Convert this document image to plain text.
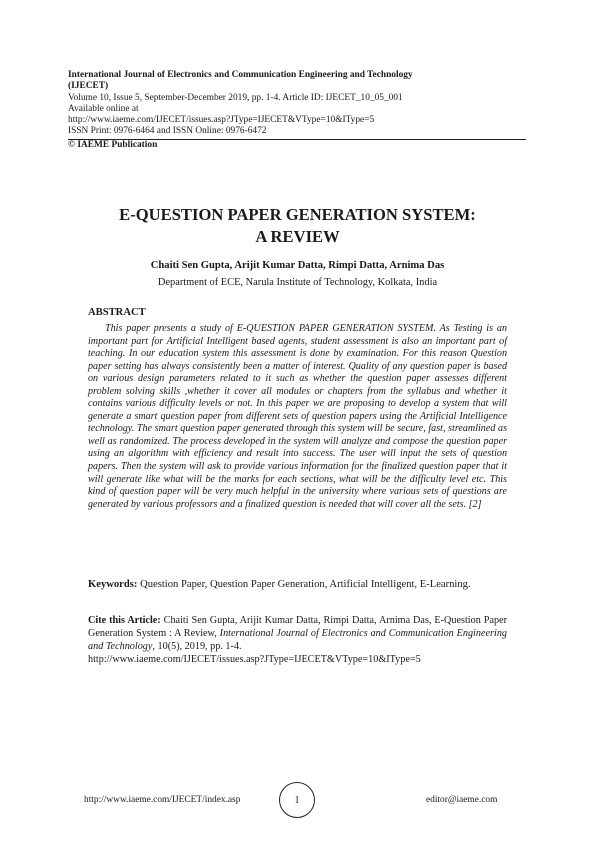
International Journal of Electronics and Communication Engineering and Technology
(IJECET)
Volume 10, Issue 5, September-December 2019, pp. 1-4. Article ID: IJECET_10_05_001
Available online at
http://www.iaeme.com/IJECET/issues.asp?JType=IJECET&VType=10&IType=5
ISSN Print: 0976-6464 and ISSN Online: 0976-6472
© IAEME Publication
E-QUESTION PAPER GENERATION SYSTEM:
A REVIEW
Chaiti Sen Gupta, Arijit Kumar Datta, Rimpi Datta, Arnima Das
Department of ECE, Narula Institute of Technology, Kolkata, India
ABSTRACT
This paper presents a study of E-QUESTION PAPER GENERATION SYSTEM. As Testing is an important part for Artificial Intelligent based agents, student assessment is also an important part of teaching. In our education system this assessment is done by examination. For this reason Question paper setting has always consistently been a matter of interest. Quality of any question paper is based on various design parameters related to it such as whether the question paper assesses different problem solving skills ,whether it cover all modules or chapters from the syllabus and whether it contains various difficulty levels or not. In this paper we are proposing to develop a system that will generate a smart question paper from different sets of question papers using the Artificial Intelligence technology. The smart question paper generated through this system will be secure, fast, streamlined as well as randomized. The process developed in the system will analyze and compose the question paper using an algorithm with efficiency and result into success. The user will input the sets of question papers. Then the system will ask to provide various information for the finalized question paper that it will generate like what will be the marks for each sections, what will be the difficulty level etc. This kind of question paper will be very much helpful in the university where various sets of questions are generated by various professors and a finalized question is needed that will cover all the sets. [2]
Keywords: Question Paper, Question Paper Generation, Artificial Intelligent, E-Learning.
Cite this Article: Chaiti Sen Gupta, Arijit Kumar Datta, Rimpi Datta, Arnima Das, E-Question Paper Generation System : A Review, International Journal of Electronics and Communication Engineering and Technology, 10(5), 2019, pp. 1-4.
http://www.iaeme.com/IJECET/issues.asp?JType=IJECET&VType=10&IType=5
http://www.iaeme.com/IJECET/index.asp	1	editor@iaeme.com
